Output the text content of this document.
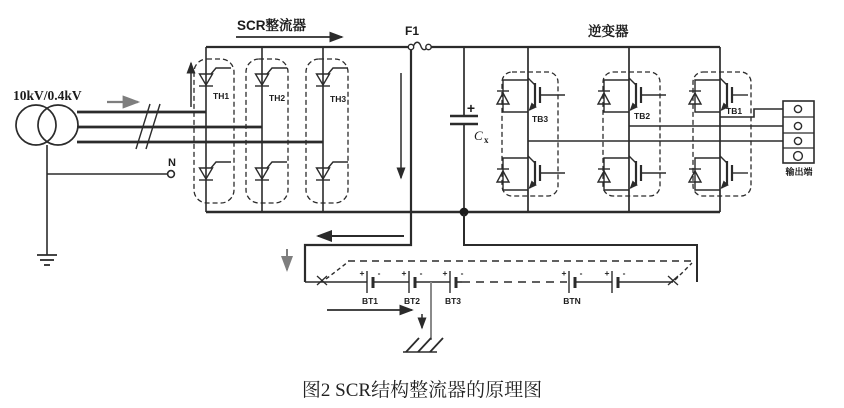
10kV/0.4kV
N
SCR整流器
TH1	TH2	TH3
F1
+
C x
逆变器
TB3	TB2	TB1
输出端
+ - + - + -	+ -	+ -
BT1	BT2	BT3	BTN
图2 SCR结构整流器的原理图
